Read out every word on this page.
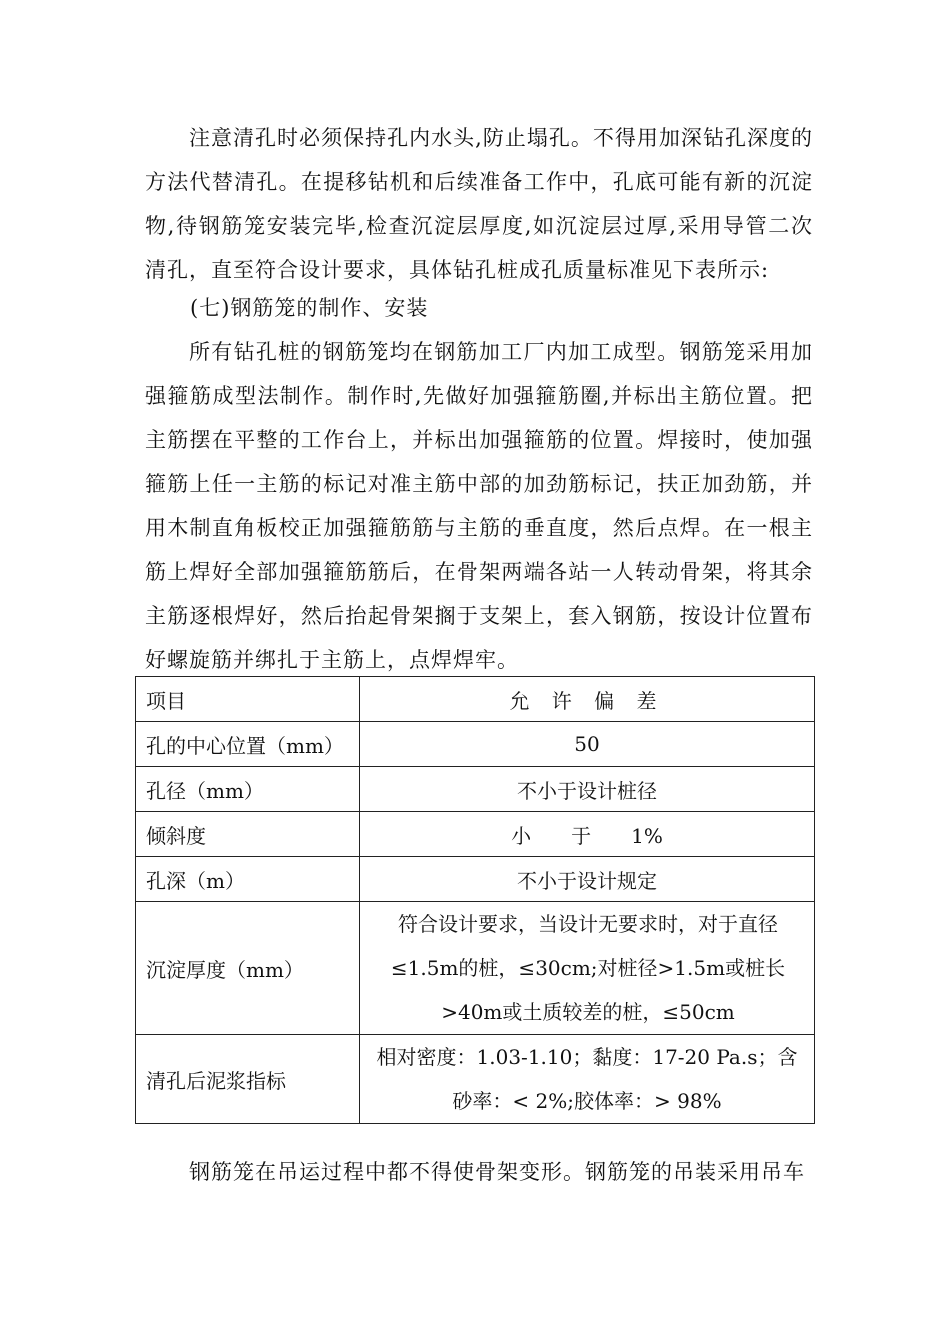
注意清孔时必须保持孔内水头,防止塌孔。不得用加深钻孔深度的方法代替清孔。在提移钻机和后续准备工作中，孔底可能有新的沉淀物,待钢筋笼安装完毕,检查沉淀层厚度,如沉淀层过厚,采用导管二次清孔，直至符合设计要求，具体钻孔桩成孔质量标准见下表所示:

(七)钢筋笼的制作、安装

所有钻孔桩的钢筋笼均在钢筋加工厂内加工成型。钢筋笼采用加强箍筋成型法制作。制作时,先做好加强箍筋圈,并标出主筋位置。把主筋摆在平整的工作台上，并标出加强箍筋的位置。焊接时，使加强箍筋上任一主筋的标记对准主筋中部的加劲筋标记，扶正加劲筋，并用木制直角板校正加强箍筋筋与主筋的垂直度，然后点焊。在一根主筋上焊好全部加强箍筋筋后，在骨架两端各站一人转动骨架，将其余主筋逐根焊好，然后抬起骨架搁于支架上，套入钢筋，按设计位置布好螺旋筋并绑扎于主筋上，点焊焊牢。

项目	允 许 偏 差
孔的中心位置（mm）	50
孔径（mm）	不小于设计桩径
倾斜度	小　　于　　1%
孔深（m）	不小于设计规定
沉淀厚度（mm）	符合设计要求，当设计无要求时，对于直径≤1.5m的桩，≤30cm;对桩径>1.5m或桩长>40m或土质较差的桩，≤50cm
清孔后泥浆指标	相对密度：1.03-1.10；黏度：17-20 Pa.s；含砂率：< 2%;胶体率：> 98%

钢筋笼在吊运过程中都不得使骨架变形。钢筋笼的吊装采用吊车
